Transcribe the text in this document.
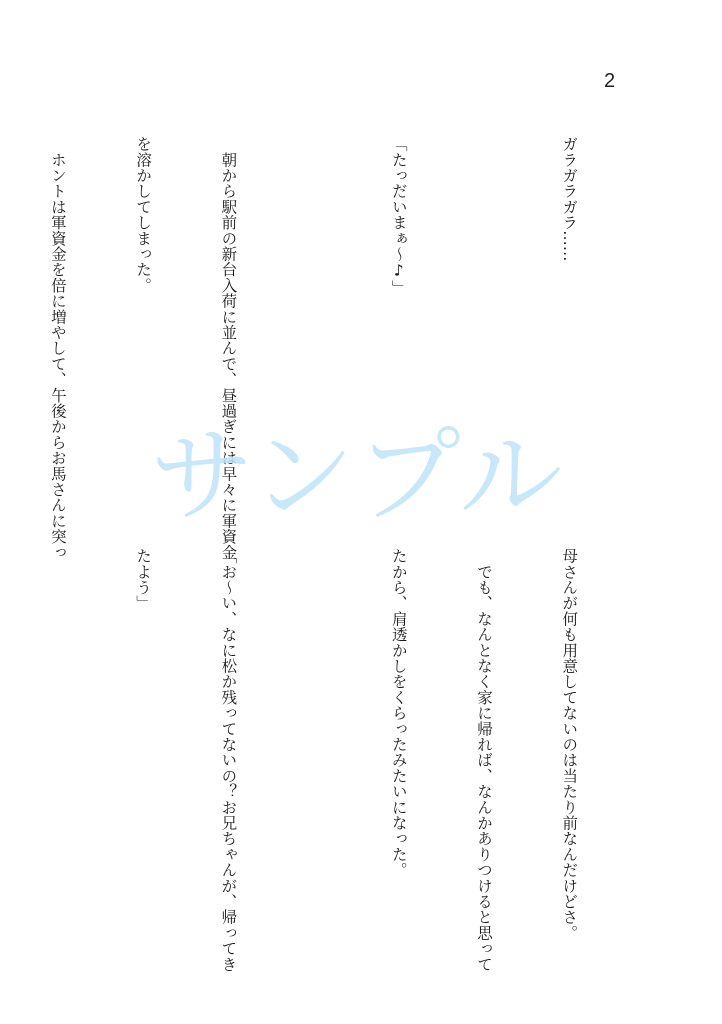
2

ガラガラガラ……

「たっだいまぁ～♪」

　朝から駅前の新台入荷に並んで、昼過ぎには早々に軍資金

を溶かしてしまった。

　ホントは軍資金を倍に増やして、午後からお馬さんに突っ

母さんが何も用意してないのは当たり前なんだけどさ。

　でも、なんとなく家に帰れば、なんかありつけると思って

たから、肩透かしをくらったみたいになった。

「お～い、なに松か残ってないの？お兄ちゃんが、帰ってき

たよう」

サンプル
